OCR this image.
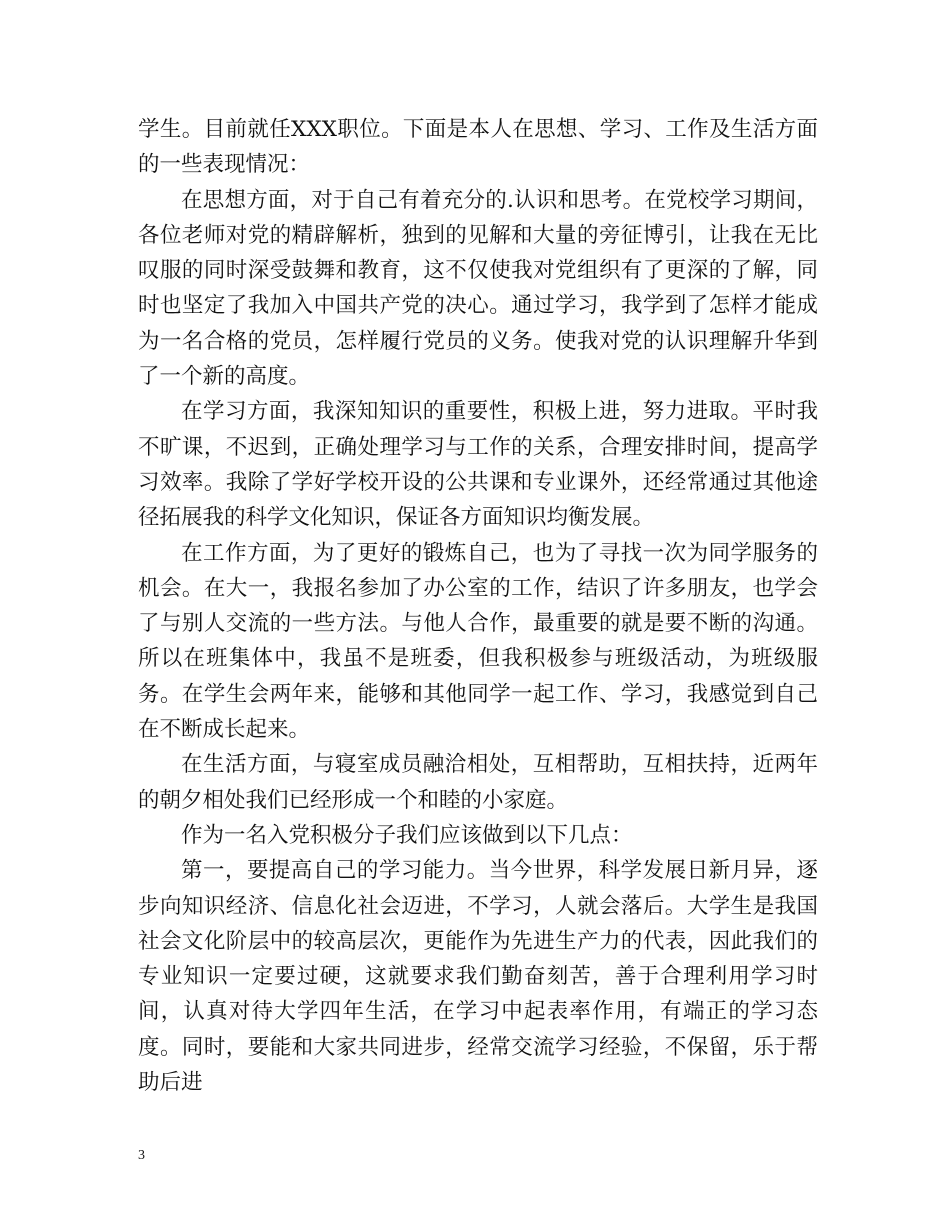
学生。目前就任XXX职位。下面是本人在思想、学习、工作及生活方面的一些表现情况：

在思想方面，对于自己有着充分的.认识和思考。在党校学习期间，各位老师对党的精辟解析，独到的见解和大量的旁征博引，让我在无比叹服的同时深受鼓舞和教育，这不仅使我对党组织有了更深的了解，同时也坚定了我加入中国共产党的决心。通过学习，我学到了怎样才能成为一名合格的党员，怎样履行党员的义务。使我对党的认识理解升华到了一个新的高度。

在学习方面，我深知知识的重要性，积极上进，努力进取。平时我不旷课，不迟到，正确处理学习与工作的关系，合理安排时间，提高学习效率。我除了学好学校开设的公共课和专业课外，还经常通过其他途径拓展我的科学文化知识，保证各方面知识均衡发展。

在工作方面，为了更好的锻炼自己，也为了寻找一次为同学服务的机会。在大一，我报名参加了办公室的工作，结识了许多朋友，也学会了与别人交流的一些方法。与他人合作，最重要的就是要不断的沟通。所以在班集体中，我虽不是班委，但我积极参与班级活动，为班级服务。在学生会两年来，能够和其他同学一起工作、学习，我感觉到自己在不断成长起来。

在生活方面，与寝室成员融洽相处，互相帮助，互相扶持，近两年的朝夕相处我们已经形成一个和睦的小家庭。

作为一名入党积极分子我们应该做到以下几点：

第一，要提高自己的学习能力。当今世界，科学发展日新月异，逐步向知识经济、信息化社会迈进，不学习，人就会落后。大学生是我国社会文化阶层中的较高层次，更能作为先进生产力的代表，因此我们的专业知识一定要过硬，这就要求我们勤奋刻苦，善于合理利用学习时间，认真对待大学四年生活，在学习中起表率作用，有端正的学习态度。同时，要能和大家共同进步，经常交流学习经验，不保留，乐于帮助后进

3
